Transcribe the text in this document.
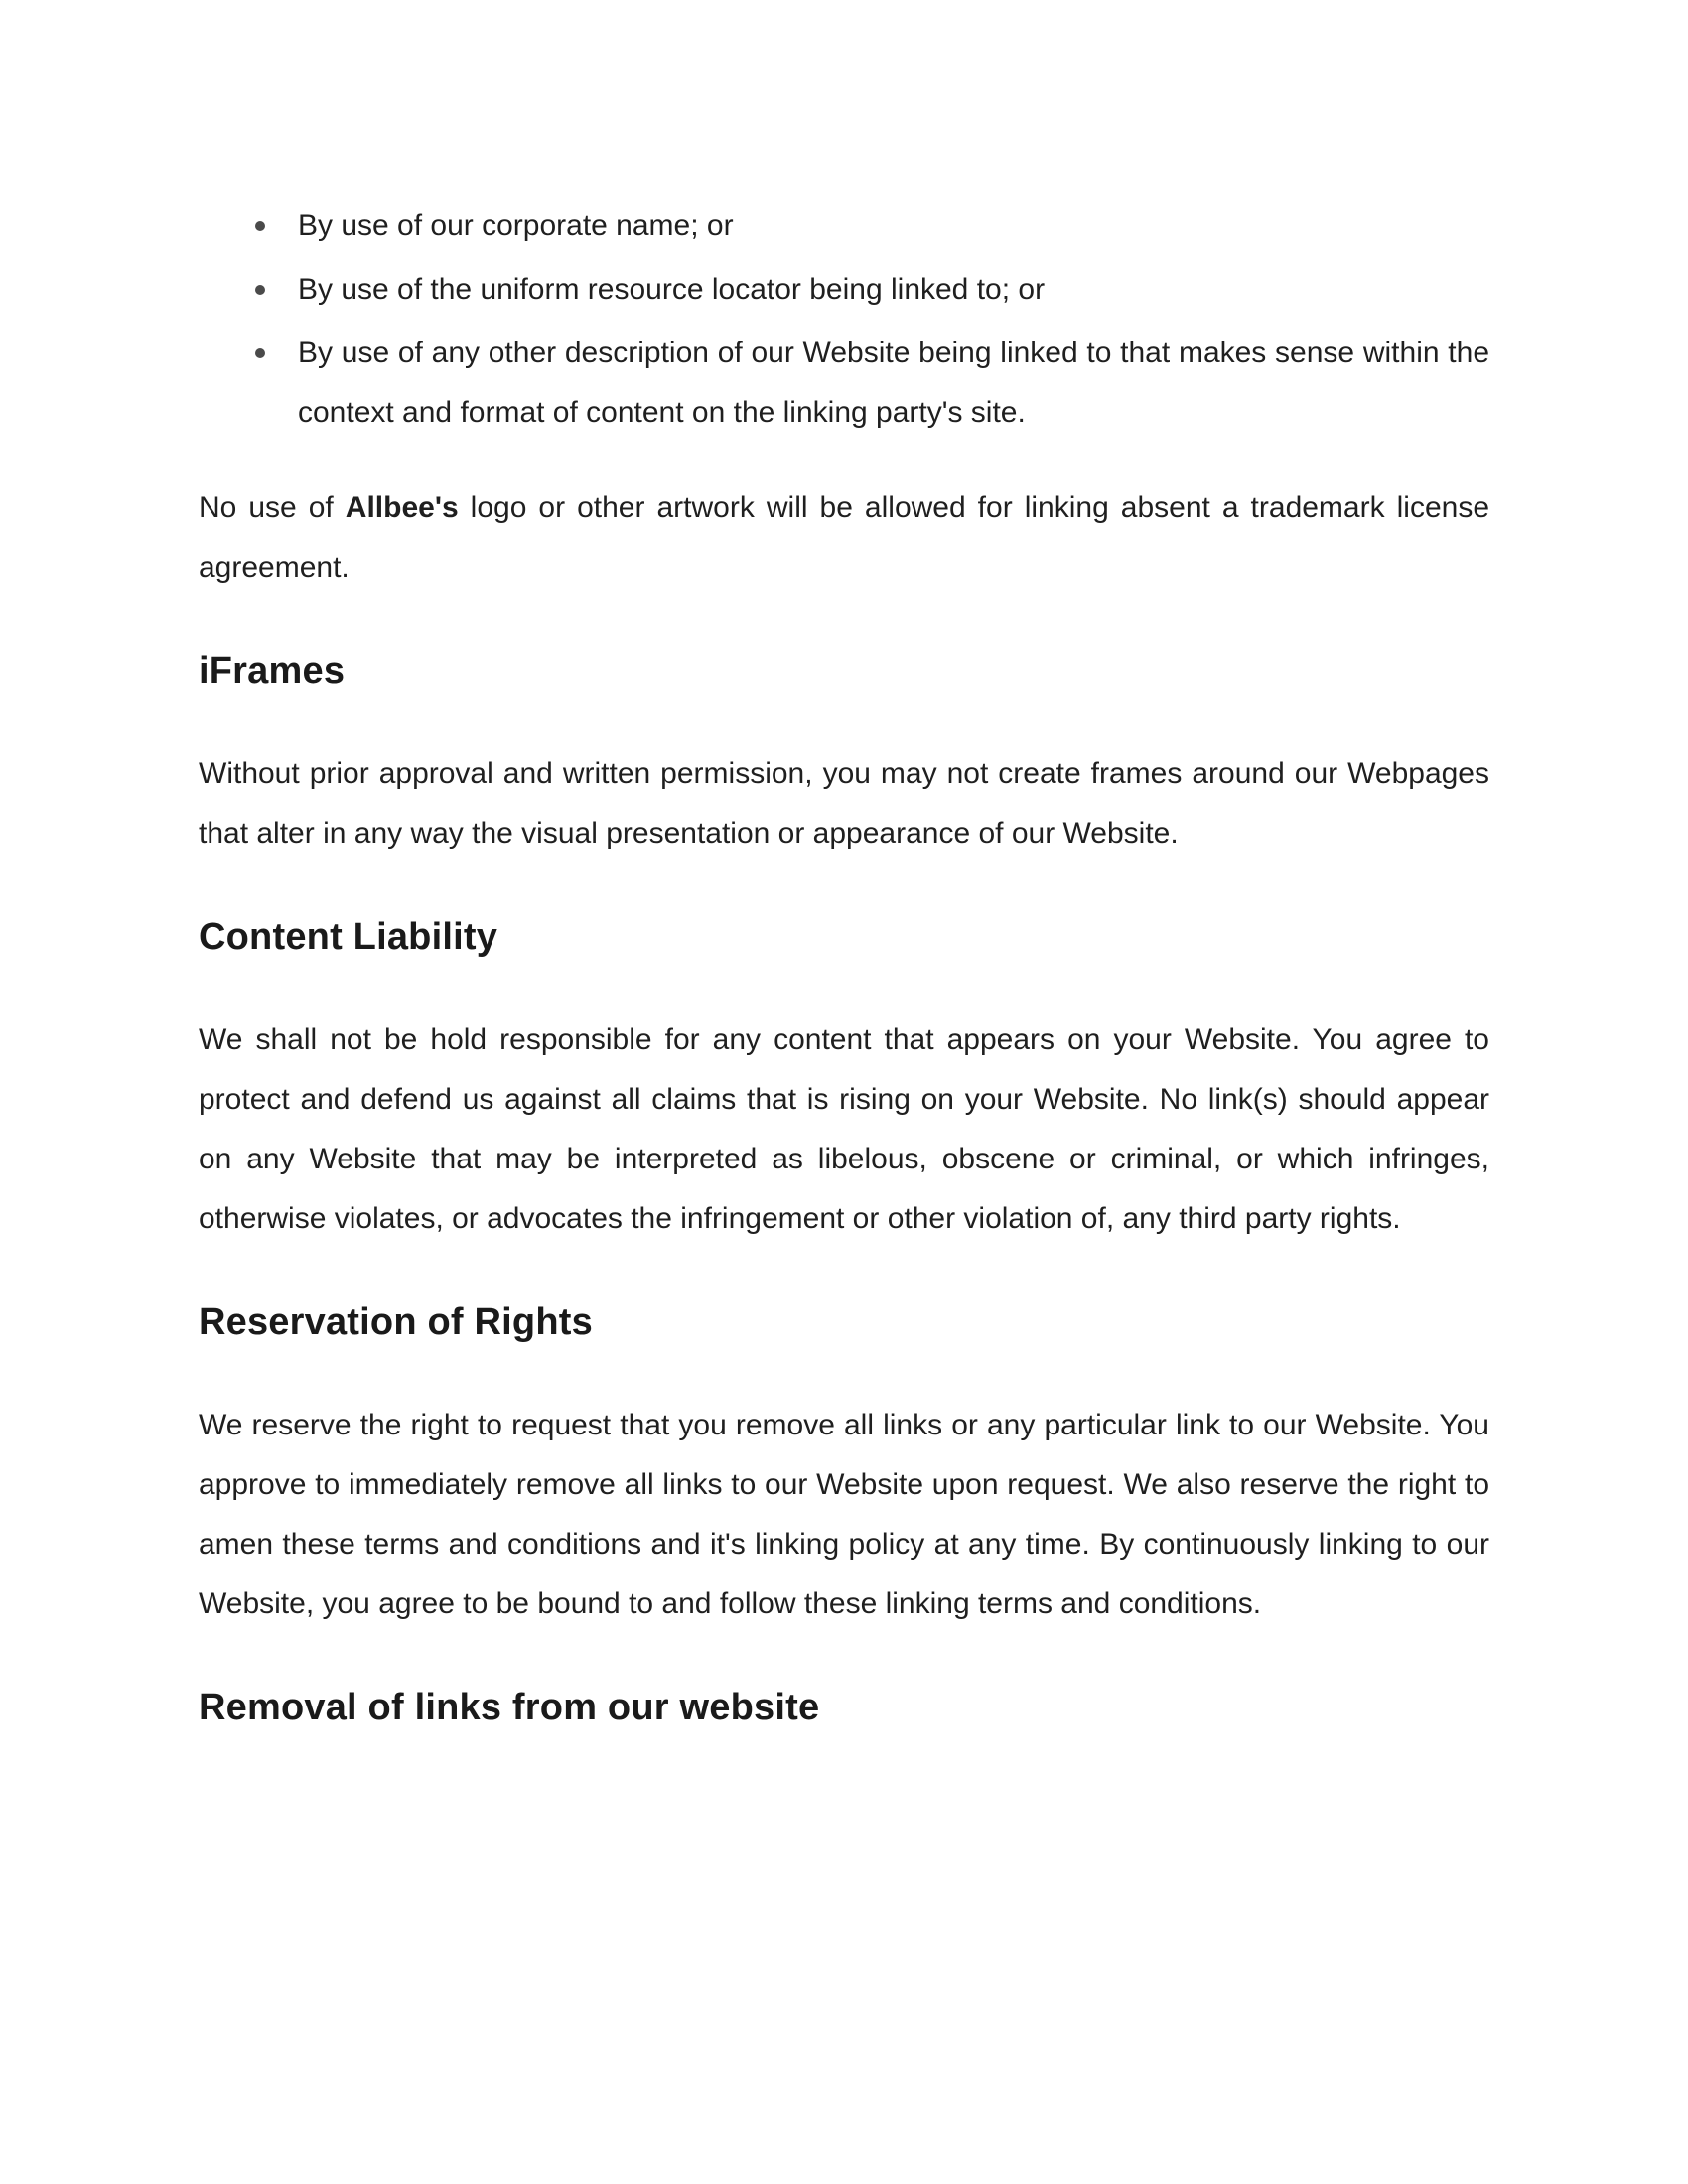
By use of our corporate name; or
By use of the uniform resource locator being linked to; or
By use of any other description of our Website being linked to that makes sense within the context and format of content on the linking party's site.

No use of Allbee's logo or other artwork will be allowed for linking absent a trademark license agreement.

iFrames

Without prior approval and written permission, you may not create frames around our Webpages that alter in any way the visual presentation or appearance of our Website.

Content Liability

We shall not be hold responsible for any content that appears on your Website. You agree to protect and defend us against all claims that is rising on your Website. No link(s) should appear on any Website that may be interpreted as libelous, obscene or criminal, or which infringes, otherwise violates, or advocates the infringement or other violation of, any third party rights.

Reservation of Rights

We reserve the right to request that you remove all links or any particular link to our Website. You approve to immediately remove all links to our Website upon request. We also reserve the right to amen these terms and conditions and it's linking policy at any time. By continuously linking to our Website, you agree to be bound to and follow these linking terms and conditions.

Removal of links from our website
